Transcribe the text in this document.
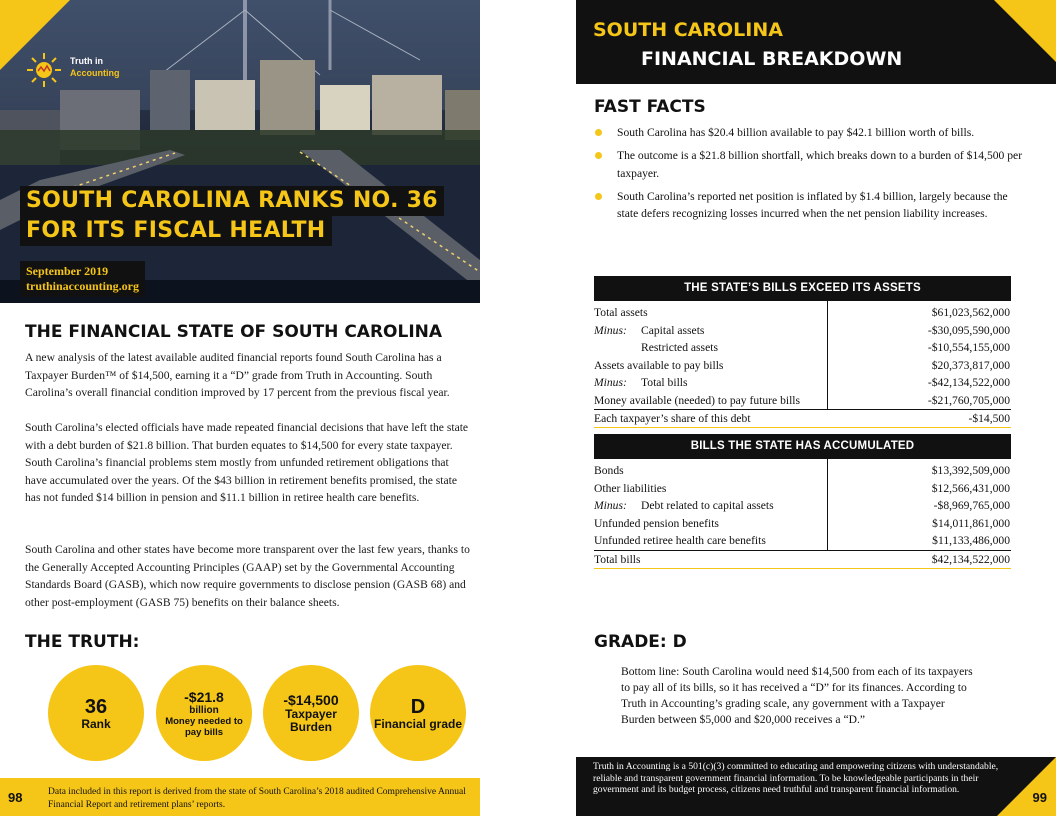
Truth in
Accounting
SOUTH CAROLINA RANKS NO. 36
FOR ITS FISCAL HEALTH
September 2019
truthinaccounting.org
THE FINANCIAL STATE OF SOUTH CAROLINA

A new analysis of the latest available audited financial reports found South Carolina has a Taxpayer Burden™ of $14,500, earning it a “D” grade from Truth in Accounting. South Carolina’s overall financial condition improved by 17 percent from the previous fiscal year.

South Carolina’s elected officials have made repeated financial decisions that have left the state with a debt burden of $21.8 billion. That burden equates to $14,500 for every state taxpayer. South Carolina’s financial problems stem mostly from unfunded retirement obligations that have accumulated over the years. Of the $43 billion in retirement benefits promised, the state has not funded $14 billion in pension and $11.1 billion in retiree health care benefits.

South Carolina and other states have become more transparent over the last few years, thanks to the Generally Accepted Accounting Principles (GAAP) set by the Governmental Accounting Standards Board (GASB), which now require governments to disclose pension (GASB 68) and other post-employment (GASB 75) benefits on their balance sheets.

THE TRUTH:
36
Rank
-$21.8
billion
Money needed to pay bills
-$14,500
Taxpayer Burden
D
Financial grade
98	Data included in this report is derived from the state of South Carolina’s 2018 audited Comprehensive Annual Financial Report and retirement plans’ reports.
SOUTH CAROLINA
FINANCIAL BREAKDOWN
FAST FACTS
South Carolina has $20.4 billion available to pay $42.1 billion worth of bills.
The outcome is a $21.8 billion shortfall, which breaks down to a burden of $14,500 per taxpayer.
South Carolina’s reported net position is inflated by $1.4 billion, largely because the state defers recognizing losses incurred when the net pension liability increases.
THE STATE’S BILLS EXCEED ITS ASSETS
Total assets	$61,023,562,000
Minus: Capital assets	-$30,095,590,000
Restricted assets	-$10,554,155,000
Assets available to pay bills	$20,373,817,000
Minus: Total bills	-$42,134,522,000
Money available (needed) to pay future bills	-$21,760,705,000
Each taxpayer’s share of this debt	-$14,500
BILLS THE STATE HAS ACCUMULATED
Bonds	$13,392,509,000
Other liabilities	$12,566,431,000
Minus: Debt related to capital assets	-$8,969,765,000
Unfunded pension benefits	$14,011,861,000
Unfunded retiree health care benefits	$11,133,486,000
Total bills	$42,134,522,000
GRADE: D

Bottom line: South Carolina would need $14,500 from each of its taxpayers to pay all of its bills, so it has received a “D” for its finances. According to Truth in Accounting’s grading scale, any government with a Taxpayer Burden between $5,000 and $20,000 receives a “D.”

Truth in Accounting is a 501(c)(3) committed to educating and empowering citizens with understandable, reliable and transparent government financial information. To be knowledgeable participants in their government and its budget process, citizens need truthful and transparent financial information.
99
